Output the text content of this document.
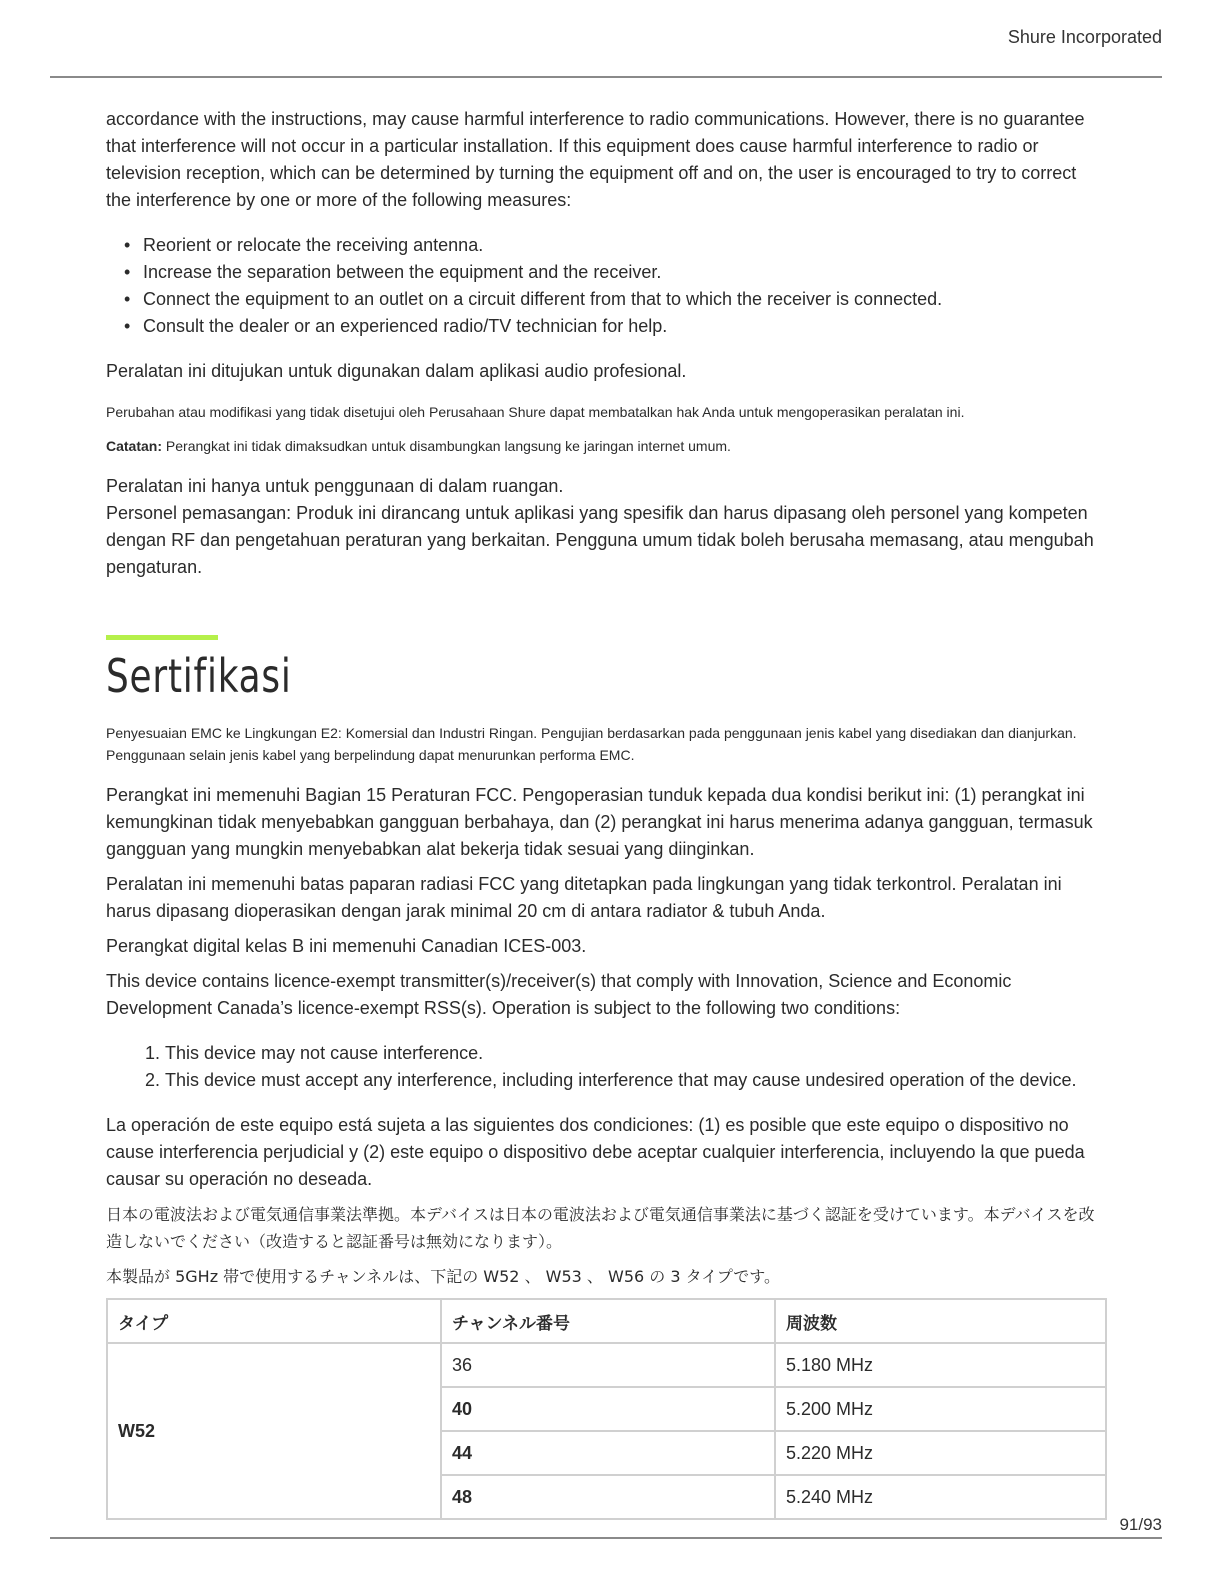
Shure Incorporated

accordance with the instructions, may cause harmful interference to radio communications. However, there is no guarantee that interference will not occur in a particular installation. If this equipment does cause harmful interference to radio or television reception, which can be determined by turning the equipment off and on, the user is encouraged to try to correct the interference by one or more of the following measures:

• Reorient or relocate the receiving antenna.
• Increase the separation between the equipment and the receiver.
• Connect the equipment to an outlet on a circuit different from that to which the receiver is connected.
• Consult the dealer or an experienced radio/TV technician for help.

Peralatan ini ditujukan untuk digunakan dalam aplikasi audio profesional.

Perubahan atau modifikasi yang tidak disetujui oleh Perusahaan Shure dapat membatalkan hak Anda untuk mengoperasikan peralatan ini.

Catatan: Perangkat ini tidak dimaksudkan untuk disambungkan langsung ke jaringan internet umum.

Peralatan ini hanya untuk penggunaan di dalam ruangan.

Personel pemasangan: Produk ini dirancang untuk aplikasi yang spesifik dan harus dipasang oleh personel yang kompeten dengan RF dan pengetahuan peraturan yang berkaitan. Pengguna umum tidak boleh berusaha memasang, atau mengubah pengaturan.

Sertifikasi

Penyesuaian EMC ke Lingkungan E2: Komersial dan Industri Ringan. Pengujian berdasarkan pada penggunaan jenis kabel yang disediakan dan dianjurkan. Penggunaan selain jenis kabel yang berpelindung dapat menurunkan performa EMC.

Perangkat ini memenuhi Bagian 15 Peraturan FCC. Pengoperasian tunduk kepada dua kondisi berikut ini: (1) perangkat ini kemungkinan tidak menyebabkan gangguan berbahaya, dan (2) perangkat ini harus menerima adanya gangguan, termasuk gangguan yang mungkin menyebabkan alat bekerja tidak sesuai yang diinginkan.

Peralatan ini memenuhi batas paparan radiasi FCC yang ditetapkan pada lingkungan yang tidak terkontrol. Peralatan ini harus dipasang dioperasikan dengan jarak minimal 20 cm di antara radiator & tubuh Anda.

Perangkat digital kelas B ini memenuhi Canadian ICES-003.

This device contains licence-exempt transmitter(s)/receiver(s) that comply with Innovation, Science and Economic Development Canada’s licence-exempt RSS(s). Operation is subject to the following two conditions:

1. This device may not cause interference.
2. This device must accept any interference, including interference that may cause undesired operation of the device.

La operación de este equipo está sujeta a las siguientes dos condiciones: (1) es posible que este equipo o dispositivo no cause interferencia perjudicial y (2) este equipo o dispositivo debe aceptar cualquier interferencia, incluyendo la que pueda causar su operación no deseada.

日本の電波法および電気通信事業法準拠。本デバイスは日本の電波法および電気通信事業法に基づく認証を受けています。本デバイスを改造しないでください（改造すると認証番号は無効になります）。

本製品が 5GHz 帯で使用するチャンネルは、下記の W52 、 W53 、 W56 の 3 タイプです。

タイプ	チャンネル番号	周波数
W52	36	5.180 MHz
	40	5.200 MHz
	44	5.220 MHz
	48	5.240 MHz
91/93
